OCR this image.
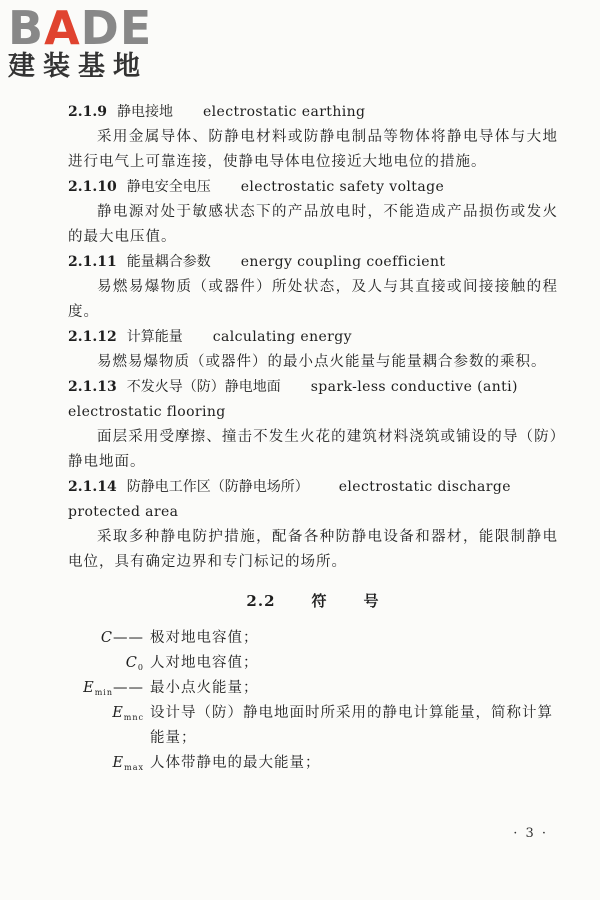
BADE
建装基地
2.1.9 静电接地 electrostatic earthing
采用金属导体、防静电材料或防静电制品等物体将静电导体与大地进行电气上可靠连接，使静电导体电位接近大地电位的措施。
2.1.10 静电安全电压 electrostatic safety voltage
静电源对处于敏感状态下的产品放电时，不能造成产品损伤或发火的最大电压值。
2.1.11 能量耦合参数 energy coupling coefficient
易燃易爆物质（或器件）所处状态，及人与其直接或间接接触的程度。
2.1.12 计算能量 calculating energy
易燃易爆物质（或器件）的最小点火能量与能量耦合参数的乘积。
2.1.13 不发火导（防）静电地面 spark-less conductive (anti) electrostatic flooring
面层采用受摩擦、撞击不发生火花的建筑材料浇筑或铺设的导（防）静电地面。
2.1.14 防静电工作区（防静电场所） electrostatic discharge protected area
采取多种静电防护措施，配备各种防静电设备和器材，能限制静电电位，具有确定边界和专门标记的场所。
2.2 符 号
C—— 极对地电容值；
$C_0$ 人对地电容值；
$E_{min}——$ 最小点火能量；
$E_{mnc}$ 设计导（防）静电地面时所采用的静电计算能量，简称计算能量；
$E_{max}$ 人体带静电的最大能量；
· 3 ·
